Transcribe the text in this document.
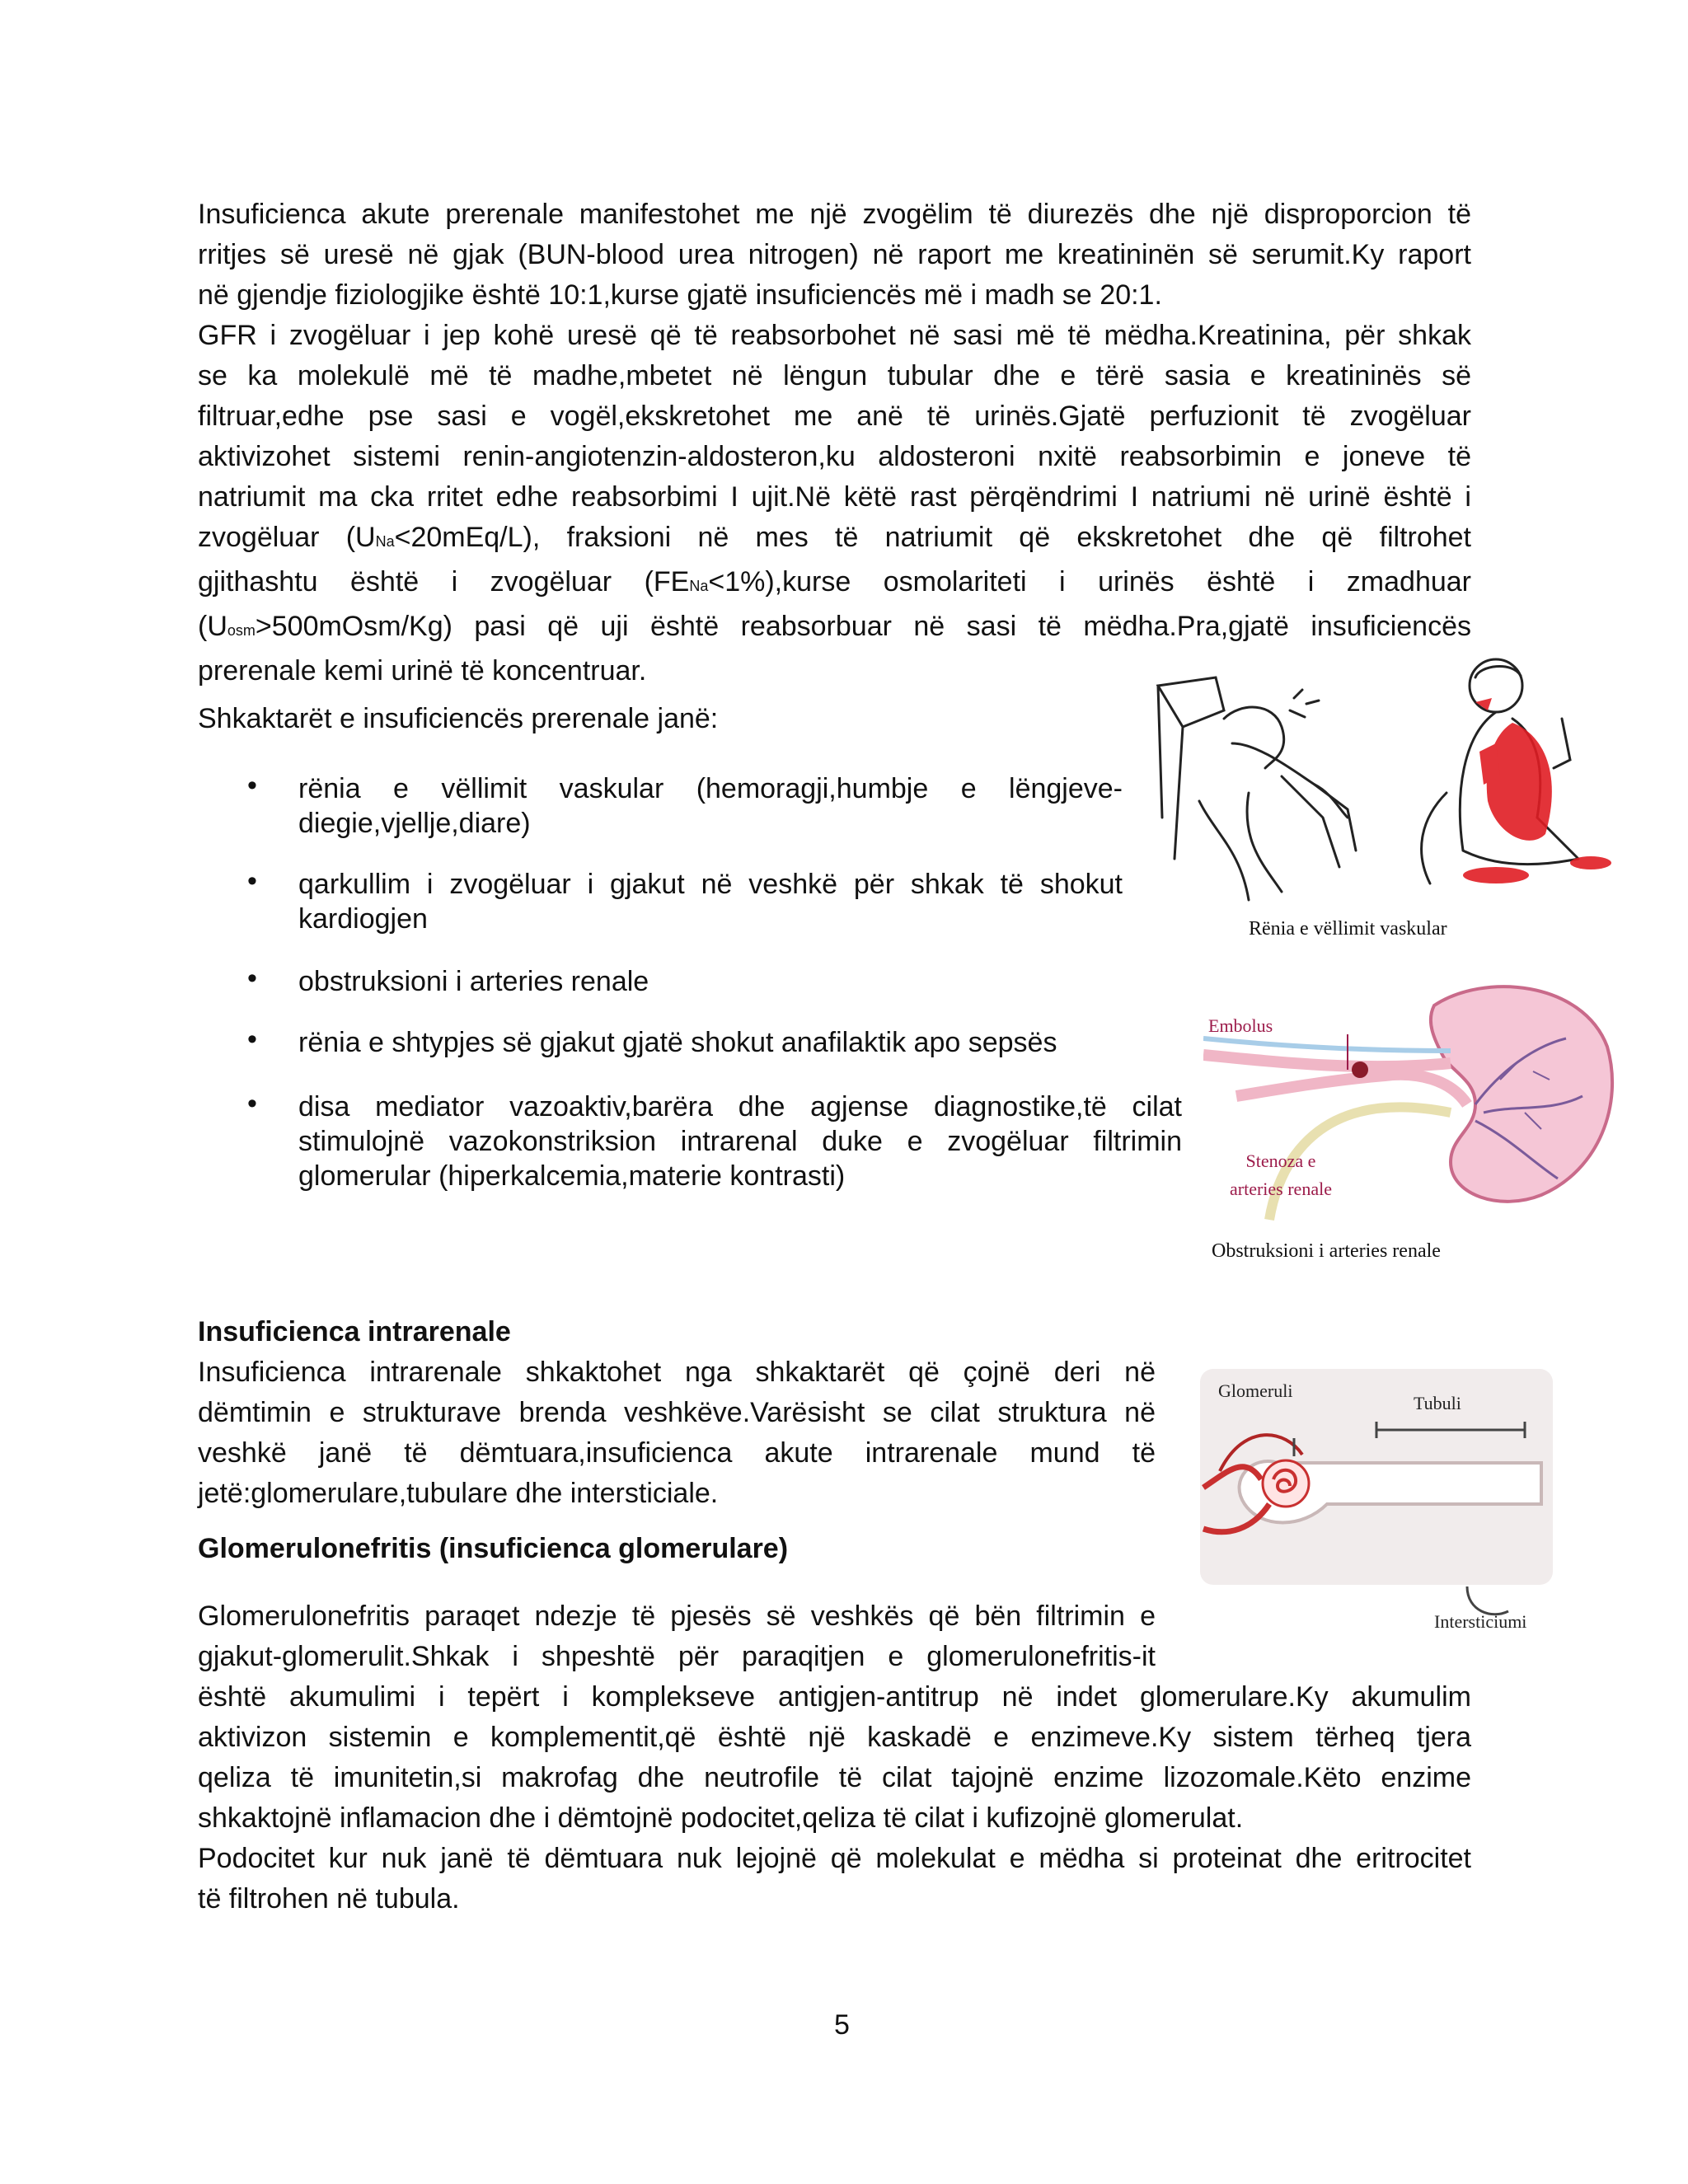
Insuficienca akute prerenale manifestohet me një zvogëlim të diurezës dhe një disproporcion të
rritjes së uresë në gjak (BUN-blood urea nitrogen) në raport me kreatininën së serumit.Ky raport
në gjendje fiziologjike është 10:1,kurse gjatë insuficiencës më i madh se 20:1.
GFR i zvogëluar i jep kohë uresë që të reabsorbohet në sasi më të mëdha.Kreatinina, për shkak
se ka molekulë më të madhe,mbetet në lëngun tubular dhe e tërë sasia e kreatininës së
filtruar,edhe pse sasi e vogël,ekskretohet me anë të urinës.Gjatë perfuzionit të zvogëluar
aktivizohet sistemi renin-angiotenzin-aldosteron,ku aldosteroni nxitë reabsorbimin e joneve të
natriumit ma cka rritet edhe reabsorbimi I ujit.Në këtë rast përqëndrimi I natriumi në urinë është i
zvogëluar (UNa<20mEq/L), fraksioni në mes të natriumit që ekskretohet dhe që filtrohet
gjithashtu është i zvogëluar (FENa<1%),kurse osmolariteti i urinës është i zmadhuar
(Uosm>500mOsm/Kg) pasi që uji është reabsorbuar në sasi të mëdha.Pra,gjatë insuficiencës
prerenale kemi urinë të koncentruar.
Shkaktarët e insuficiencës prerenale janë:
• rënia e vëllimit vaskular (hemoragji,humbje e lëngjeve-
diegie,vjellje,diare)
• qarkullim i zvogëluar i gjakut në veshkë për shkak të shokut
kardiogjen
• obstruksioni i arteries renale
• rënia e shtypjes së gjakut gjatë shokut anafilaktik apo sepsës
• disa mediator vazoaktiv,barëra dhe agjense diagnostike,të cilat
stimulojnë vazokonstriksion intrarenal duke e zvogëluar filtrimin
glomerular (hiperkalcemia,materie kontrasti)
Rënia e vëllimit vaskular
Embolus
Stenoza e
arteries renale
Obstruksioni i arteries renale
Insuficienca intrarenale
Insuficienca intrarenale shkaktohet nga shkaktarët që çojnë deri në
dëmtimin e strukturave brenda veshkëve.Varësisht se cilat struktura në
veshkë janë të dëmtuara,insuficienca akute intrarenale mund të
jetë:glomerulare,tubulare dhe intersticiale.
Glomeruli
Tubuli
Intersticiumi
Glomerulonefritis (insuficienca glomerulare)
Glomerulonefritis paraqet ndezje të pjesës së veshkës që bën filtrimin e
gjakut-glomerulit.Shkak i shpeshtë për paraqitjen e glomerulonefritis-it
është akumulimi i tepërt i komplekseve antigjen-antitrup në indet glomerulare.Ky akumulim
aktivizon sistemin e komplementit,që është një kaskadë e enzimeve.Ky sistem tërheq tjera
qeliza të imunitetin,si makrofag dhe neutrofile të cilat tajojnë enzime lizozomale.Këto enzime
shkaktojnë inflamacion dhe i dëmtojnë podocitet,qeliza të cilat i kufizojnë glomerulat.
Podocitet kur nuk janë të dëmtuara nuk lejojnë që molekulat e mëdha si proteinat dhe eritrocitet
të filtrohen në tubula.
5
